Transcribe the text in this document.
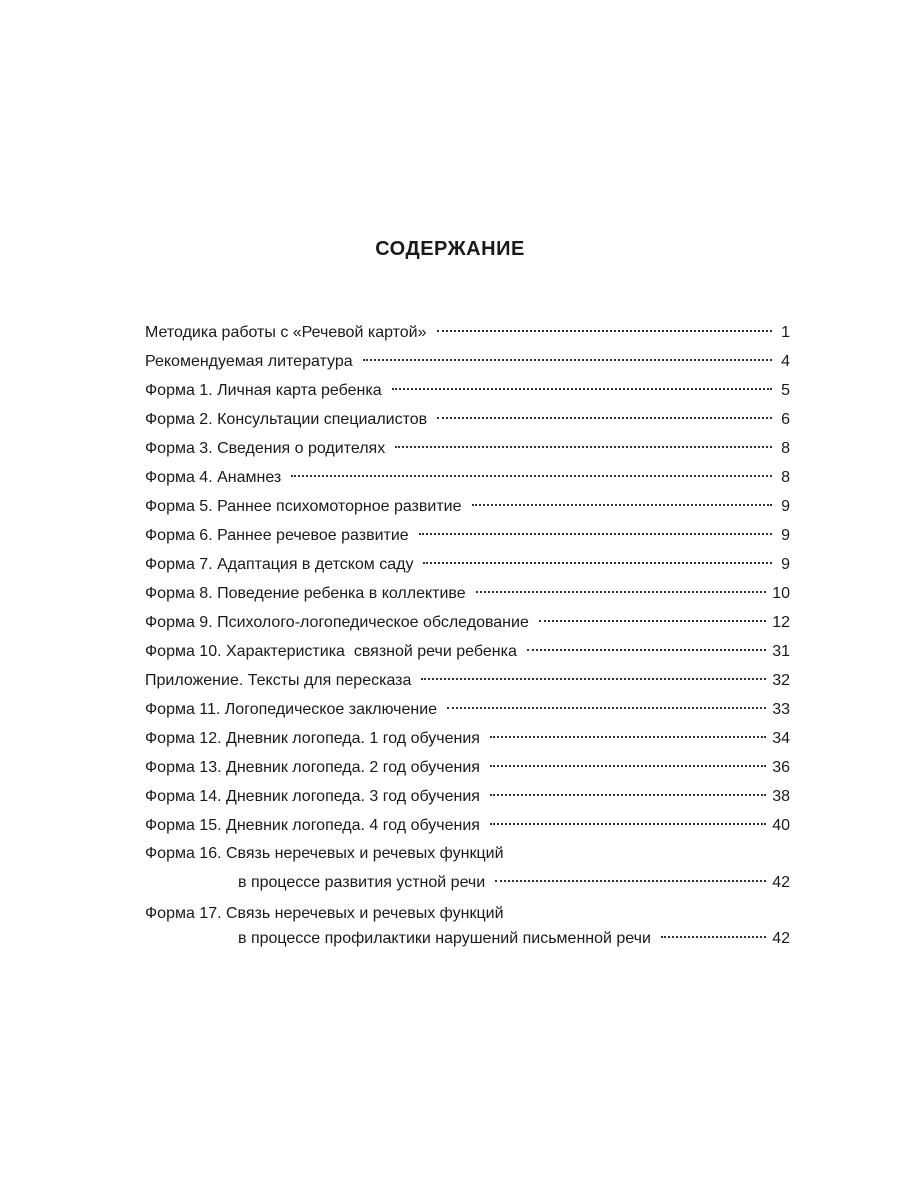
СОДЕРЖАНИЕ
Методика работы с «Речевой картой»	1
Рекомендуемая литература	4
Форма 1. Личная карта ребенка	5
Форма 2. Консультации специалистов	6
Форма 3. Сведения о родителях	8
Форма 4. Анамнез	8
Форма 5. Раннее психомоторное развитие	9
Форма 6. Раннее речевое развитие	9
Форма 7. Адаптация в детском саду	9
Форма 8. Поведение ребенка в коллективе	10
Форма 9. Психолого-логопедическое обследование	12
Форма 10. Характеристика  связной речи ребенка	31
Приложение. Тексты для пересказа	32
Форма 11. Логопедическое заключение	33
Форма 12. Дневник логопеда. 1 год обучения	34
Форма 13. Дневник логопеда. 2 год обучения	36
Форма 14. Дневник логопеда. 3 год обучения	38
Форма 15. Дневник логопеда. 4 год обучения	40
Форма 16. Связь неречевых и речевых функций
в процессе развития устной речи	42
Форма 17. Связь неречевых и речевых функций
в процессе профилактики нарушений письменной речи	42
